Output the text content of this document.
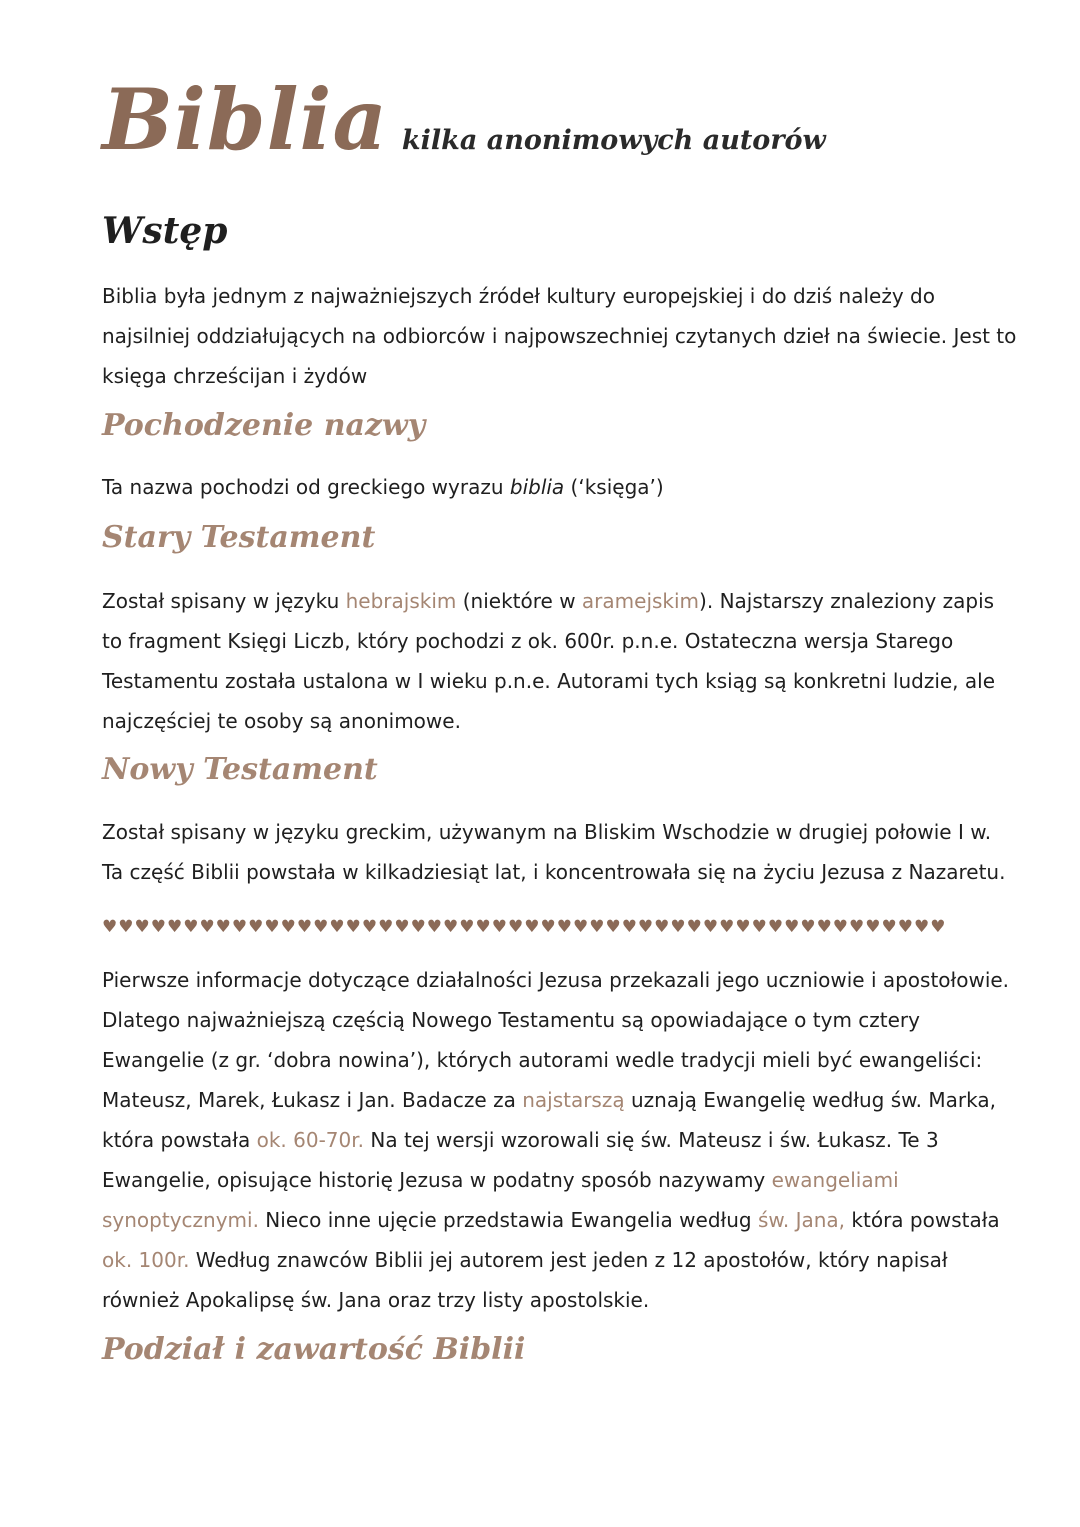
Biblia kilka anonimowych autorów
Wstęp

Biblia była jednym z najważniejszych źródeł kultury europejskiej i do dziś należy do najsilniej oddziałujących na odbiorców i najpowszechniej czytanych dzieł na świecie. Jest to księga chrześcijan i żydów

Pochodzenie nazwy

Ta nazwa pochodzi od greckiego wyrazu biblia (‘księga’)

Stary Testament

Został spisany w języku hebrajskim (niektóre w aramejskim). Najstarszy znaleziony zapis to fragment Księgi Liczb, który pochodzi z ok. 600r. p.n.e. Ostateczna wersja Starego Testamentu została ustalona w I wieku p.n.e. Autorami tych ksiąg są konkretni ludzie, ale najczęściej te osoby są anonimowe.

Nowy Testament

Został spisany w języku greckim, używanym na Bliskim Wschodzie w drugiej połowie I w. Ta część Biblii powstała w kilkadziesiąt lat, i koncentrowała się na życiu Jezusa z Nazaretu.

♥♥♥♥♥♥♥♥♥♥♥♥♥♥♥♥♥♥♥♥♥♥♥♥♥♥♥♥♥♥♥♥♥♥♥♥♥♥♥♥♥♥♥♥♥♥♥♥♥♥♥♥

Pierwsze informacje dotyczące działalności Jezusa przekazali jego uczniowie i apostołowie. Dlatego najważniejszą częścią Nowego Testamentu są opowiadające o tym cztery Ewangelie (z gr. ‘dobra nowina’), których autorami wedle tradycji mieli być ewangeliści: Mateusz, Marek, Łukasz i Jan. Badacze za najstarszą uznają Ewangelię według św. Marka, która powstała ok. 60-70r. Na tej wersji wzorowali się św. Mateusz i św. Łukasz. Te 3 Ewangelie, opisujące historię Jezusa w podatny sposób nazywamy ewangeliami synoptycznymi. Nieco inne ujęcie przedstawia Ewangelia według św. Jana, która powstała ok. 100r. Według znawców Biblii jej autorem jest jeden z 12 apostołów, który napisał również Apokalipsę św. Jana oraz trzy listy apostolskie.

Podział i zawartość Biblii
